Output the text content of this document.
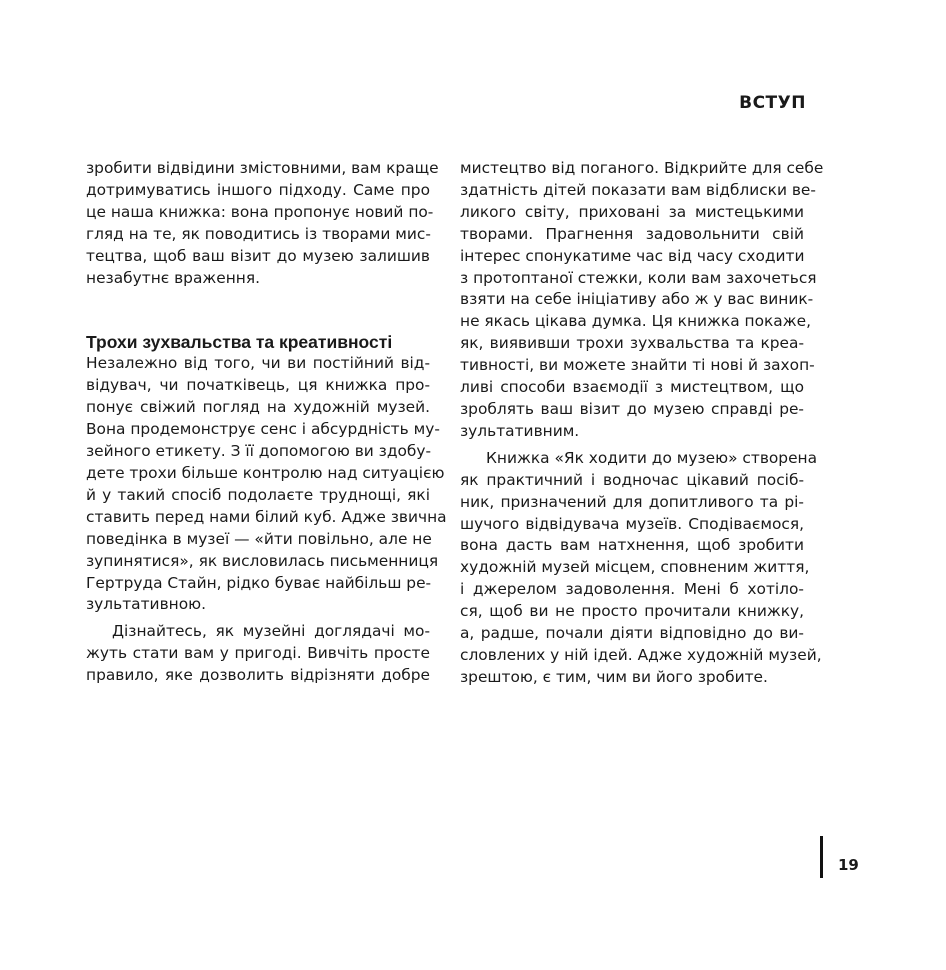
ВСТУП
зробити відвідини змістовними, вам краще
дотримуватись іншого підходу. Саме про
це наша книжка: вона пропонує новий по-
гляд на те, як поводитись із творами мис-
тецтва, щоб ваш візит до музею залишив
незабутнє враження.
Трохи зухвальства та креативності
Незалежно від того, чи ви постійний від-
відувач, чи початківець, ця книжка про-
понує свіжий погляд на художній музей.
Вона продемонструє сенс і абсурдність му-
зейного етикету. З її допомогою ви здобу-
дете трохи більше контролю над ситуацією
й у такий спосіб подолаєте труднощі, які
ставить перед нами білий куб. Адже звична
поведінка в музеї — «йти повільно, але не
зупинятися», як висловилась письменниця
Гертруда Стайн, рідко буває найбільш ре-
зультативною.
Дізнайтесь, як музейні доглядачі мо-
жуть стати вам у пригоді. Вивчіть просте
правило, яке дозволить відрізняти добре
мистецтво від поганого. Відкрийте для себе
здатність дітей показати вам відблиски ве-
ликого світу, приховані за мистецькими
творами. Прагнення задовольнити свій
інтерес спонукатиме час від часу сходити
з протоптаної стежки, коли вам захочеться
взяти на себе ініціативу або ж у вас виник-
не якась цікава думка. Ця книжка покаже,
як, виявивши трохи зухвальства та креа-
тивності, ви можете знайти ті нові й захоп-
ливі способи взаємодії з мистецтвом, що
зроблять ваш візит до музею справді ре-
зультативним.
Книжка «Як ходити до музею» створена
як практичний і водночас цікавий посіб-
ник, призначений для допитливого та рі-
шучого відвідувача музеїв. Сподіваємося,
вона дасть вам натхнення, щоб зробити
художній музей місцем, сповненим життя,
і джерелом задоволення. Мені б хотіло-
ся, щоб ви не просто прочитали книжку,
а, радше, почали діяти відповідно до ви-
словлених у ній ідей. Адже художній музей,
зрештою, є тим, чим ви його зробите.
19
